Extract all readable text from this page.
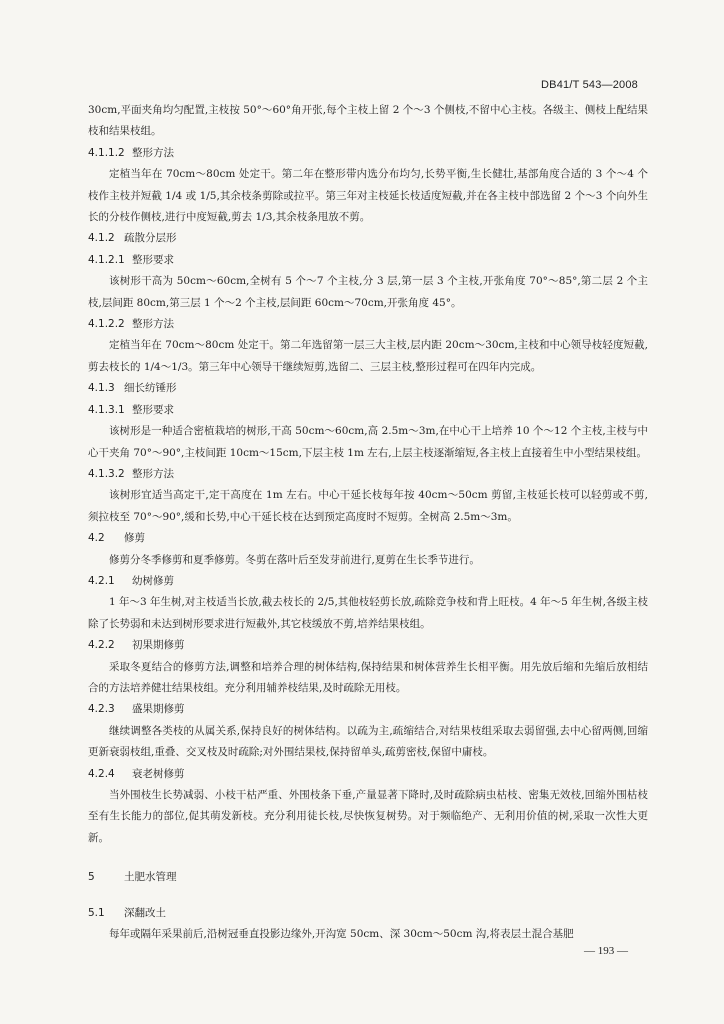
DB41/T 543—2008

30cm,平面夹角均匀配置,主枝按 50°～60°角开张,每个主枝上留 2 个～3 个侧枝,不留中心主枝。各级主、侧枝上配结果枝和结果枝组。

4.1.1.2 整形方法

定植当年在 70cm～80cm 处定干。第二年在整形带内选分布均匀,长势平衡,生长健壮,基部角度合适的 3 个～4 个枝作主枝并短截 1/4 或 1/5,其余枝条剪除或拉平。第三年对主枝延长枝适度短截,并在各主枝中部选留 2 个～3 个向外生长的分枝作侧枝,进行中度短截,剪去 1/3,其余枝条甩放不剪。

4.1.2 疏散分层形
4.1.2.1 整形要求

该树形干高为 50cm～60cm,全树有 5 个～7 个主枝,分 3 层,第一层 3 个主枝,开张角度 70°～85°,第二层 2 个主枝,层间距 80cm,第三层 1 个～2 个主枝,层间距 60cm～70cm,开张角度 45°。

4.1.2.2 整形方法

定植当年在 70cm～80cm 处定干。第二年选留第一层三大主枝,层内距 20cm～30cm,主枝和中心领导枝轻度短截,剪去枝长的 1/4～1/3。第三年中心领导干继续短剪,选留二、三层主枝,整形过程可在四年内完成。

4.1.3 细长纺锤形
4.1.3.1 整形要求

该树形是一种适合密植栽培的树形,干高 50cm～60cm,高 2.5m～3m,在中心干上培养 10 个～12 个主枝,主枝与中心干夹角 70°～90°,主枝间距 10cm～15cm,下层主枝 1m 左右,上层主枝逐渐缩短,各主枝上直接着生中小型结果枝组。

4.1.3.2 整形方法

该树形宜适当高定干,定干高度在 1m 左右。中心干延长枝每年按 40cm～50cm 剪留,主枝延长枝可以轻剪或不剪,须拉枝至 70°～90°,缓和长势,中心干延长枝在达到预定高度时不短剪。全树高 2.5m～3m。

4.2 修剪

修剪分冬季修剪和夏季修剪。冬剪在落叶后至发芽前进行,夏剪在生长季节进行。

4.2.1 幼树修剪

1 年～3 年生树,对主枝适当长放,截去枝长的 2/5,其他枝轻剪长放,疏除竞争枝和背上旺枝。4 年～5 年生树,各级主枝除了长势弱和未达到树形要求进行短截外,其它枝缓放不剪,培养结果枝组。

4.2.2 初果期修剪

采取冬夏结合的修剪方法,调整和培养合理的树体结构,保持结果和树体营养生长相平衡。用先放后缩和先缩后放相结合的方法培养健壮结果枝组。充分利用辅养枝结果,及时疏除无用枝。

4.2.3 盛果期修剪

继续调整各类枝的从属关系,保持良好的树体结构。以疏为主,疏缩结合,对结果枝组采取去弱留强,去中心留两侧,回缩更新衰弱枝组,重叠、交叉枝及时疏除;对外围结果枝,保持留单头,疏剪密枝,保留中庸枝。

4.2.4 衰老树修剪

当外围枝生长势减弱、小枝干枯严重、外围枝条下垂,产量显著下降时,及时疏除病虫枯枝、密集无效枝,回缩外围枯枝至有生长能力的部位,促其萌发新枝。充分利用徒长枝,尽快恢复树势。对于频临绝产、无利用价值的树,采取一次性大更新。

5	土肥水管理
5.1 深翻改土

每年或隔年采果前后,沿树冠垂直投影边缘外,开沟宽 50cm、深 30cm～50cm 沟,将表层土混合基肥

— 193 —
